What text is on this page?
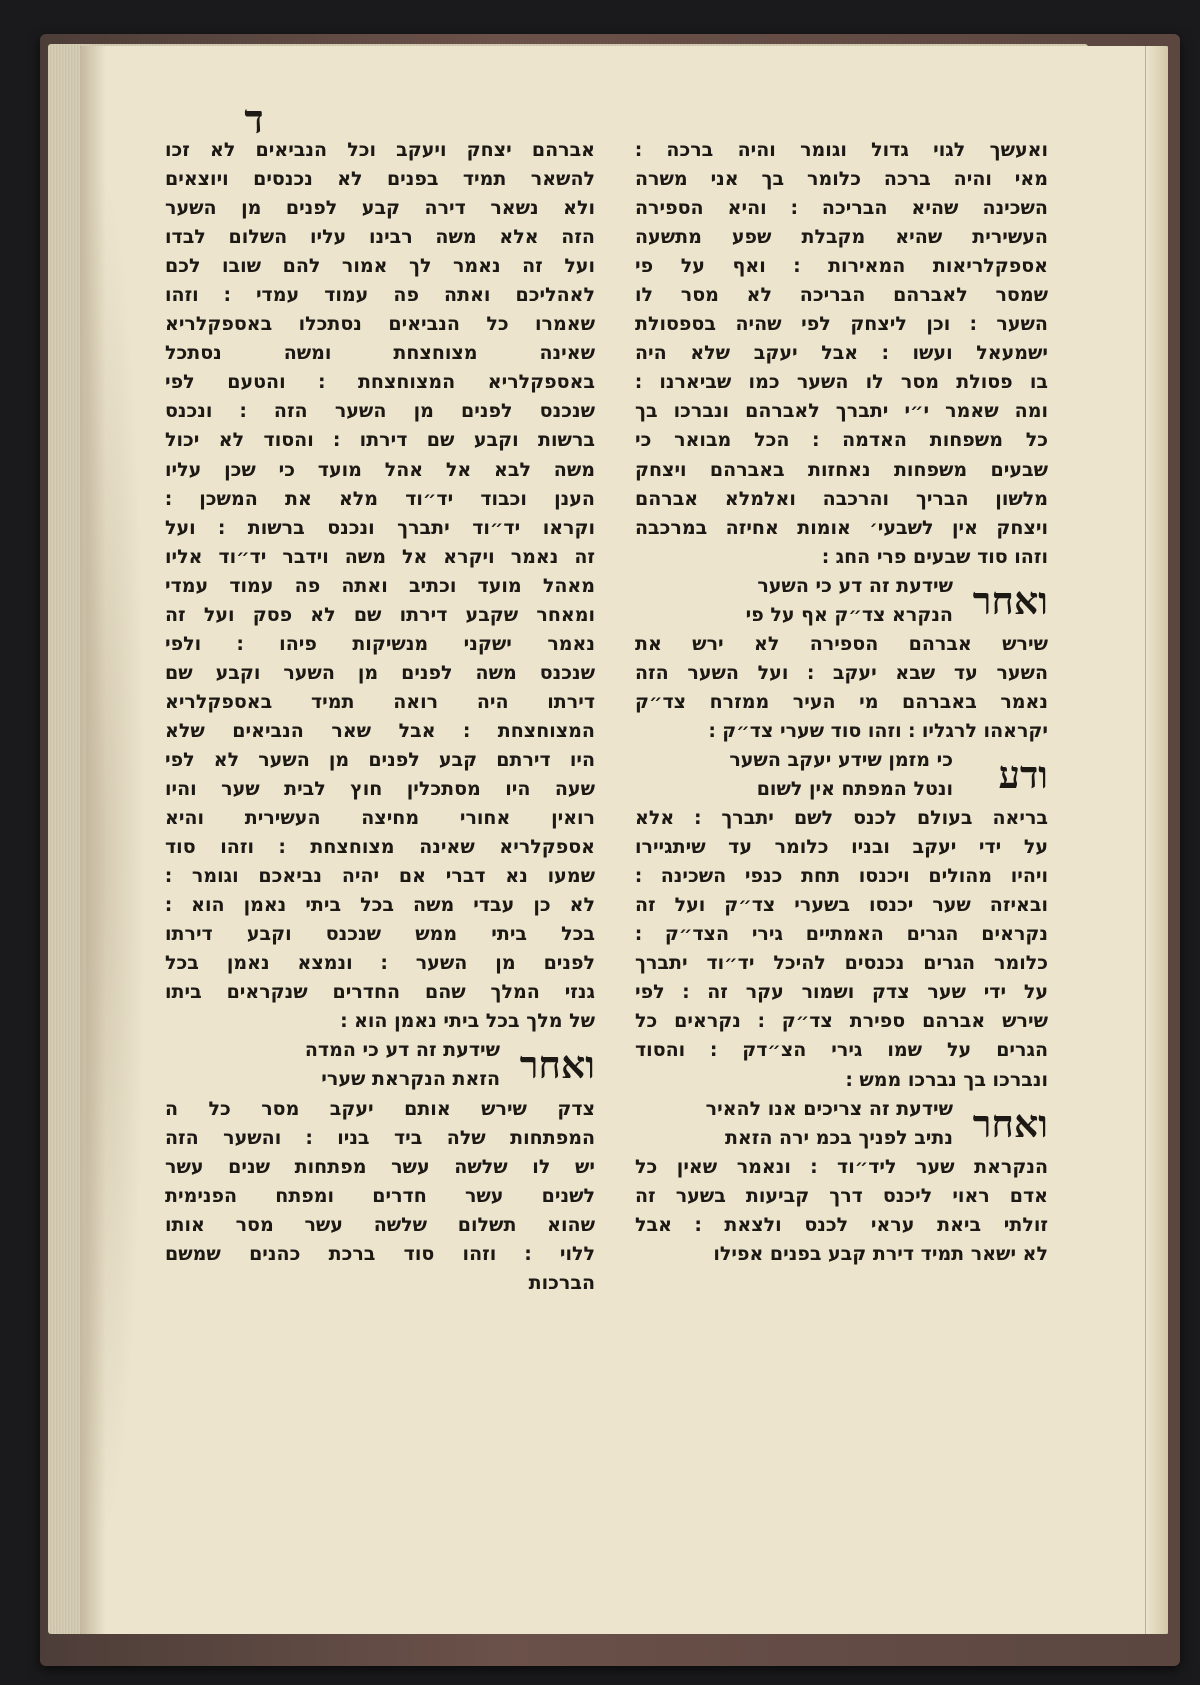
ד
אברהם יצחק ויעקב וכל הנביאים לא זכו
להשאר תמיד בפנים לא נכנסים ויוצאים
ולא נשאר דירה קבע לפנים מן השער
הזה אלא משה רבינו עליו השלום לבדו
ועל זה נאמר לך אמור להם שובו לכם
לאהליכם ואתה פה עמוד עמדי ׃ וזהו
שאמרו כל הנביאים נסתכלו באספקלריא
שאינה מצוחצחת ומשה נסתכל
באספקלריא המצוחצחת ׃ והטעם לפי
שנכנס לפנים מן השער הזה ׃ ונכנס
ברשות וקבע שם דירתו ׃ והסוד לא יכול
משה לבא אל אהל מועד כי שכן עליו
הענן וכבוד יד״וד מלא את המשכן ׃
וקראו יד״וד יתברך ונכנס ברשות ׃ ועל
זה נאמר ויקרא אל משה וידבר יד״וד אליו
מאהל מועד וכתיב ואתה פה עמוד עמדי
ומאחר שקבע דירתו שם לא פסק ועל זה
נאמר ישקני מנשיקות פיהו ׃ ולפי
שנכנס משה לפנים מן השער וקבע שם
דירתו היה רואה תמיד באספקלריא
המצוחצחת ׃ אבל שאר הנביאים שלא
היו דירתם קבע לפנים מן השער לא לפי
שעה היו מסתכלין חוץ לבית שער והיו
רואין אחורי מחיצה העשירית והיא
אספקלריא שאינה מצוחצחת ׃ וזהו סוד
שמעו נא דברי אם יהיה נביאכם וגומר ׃
לא כן עבדי משה בכל ביתי נאמן הוא ׃
בכל ביתי ממש שנכנס וקבע דירתו
לפנים מן השער ׃ ונמצא נאמן בכל
גנזי המלך שהם החדרים שנקראים ביתו
של מלך בכל ביתי נאמן הוא ׃
ואחר
שידעת זה דע כי המדה
הזאת הנקראת שערי
צדק שירש אותם יעקב מסר כל ה
המפתחות שלה ביד בניו ׃ והשער הזה
יש לו שלשה עשר מפתחות שנים עשר
לשנים עשר חדרים ומפתח הפנימית
שהוא תשלום שלשה עשר מסר אותו
ללוי ׃ וזהו סוד ברכת כהנים שמשם
הברכות
ואעשך לגוי גדול וגומר והיה ברכה ׃
מאי והיה ברכה כלומר בך אני משרה
השכינה שהיא הבריכה ׃ והיא הספירה
העשירית שהיא מקבלת שפע מתשעה
אספקלריאות המאירות ׃ ואף על פי
שמסר לאברהם הבריכה לא מסר לו
השער ׃ וכן ליצחק לפי שהיה בספסולת
ישמעאל ועשו ׃ אבל יעקב שלא היה
בו פסולת מסר לו השער כמו שביארנו ׃
ומה שאמר י״י יתברך לאברהם ונברכו בך
כל משפחות האדמה ׃ הכל מבואר כי
שבעים משפחות נאחזות באברהם ויצחק
מלשון הבריך והרכבה ואלמלא אברהם
ויצחק אין לשבעי׳ אומות אחיזה במרכבה
וזהו סוד שבעים פרי החג ׃
ואחר
שידעת זה דע כי השער
הנקרא צד״ק אף על פי
שירש אברהם הספירה לא ירש את
השער עד שבא יעקב ׃ ועל השער הזה
נאמר באברהם מי העיר ממזרח צד״ק
יקראהו לרגליו ׃ וזהו סוד שערי צד״ק ׃
ודע
כי מזמן שידע יעקב השער
ונטל המפתח אין לשום
בריאה בעולם לכנס לשם יתברך ׃ אלא
על ידי יעקב ובניו כלומר עד שיתגיירו
ויהיו מהולים ויכנסו תחת כנפי השכינה ׃
ובאיזה שער יכנסו בשערי צד״ק ועל זה
נקראים הגרים האמתיים גירי הצד״ק ׃
כלומר הגרים נכנסים להיכל יד״וד יתברך
על ידי שער צדק ושמור עקר זה ׃ לפי
שירש אברהם ספירת צד״ק ׃ נקראים כל
הגרים על שמו גירי הצ״דק ׃ והסוד
ונברכו בך נברכו ממש ׃
ואחר
שידעת זה צריכים אנו להאיר
נתיב לפניך בכמ ירה הזאת
הנקראת שער ליד״וד ׃ ונאמר שאין כל
אדם ראוי ליכנס דרך קביעות בשער זה
זולתי ביאת עראי לכנס ולצאת ׃ אבל
לא ישאר תמיד דירת קבע בפנים אפילו
